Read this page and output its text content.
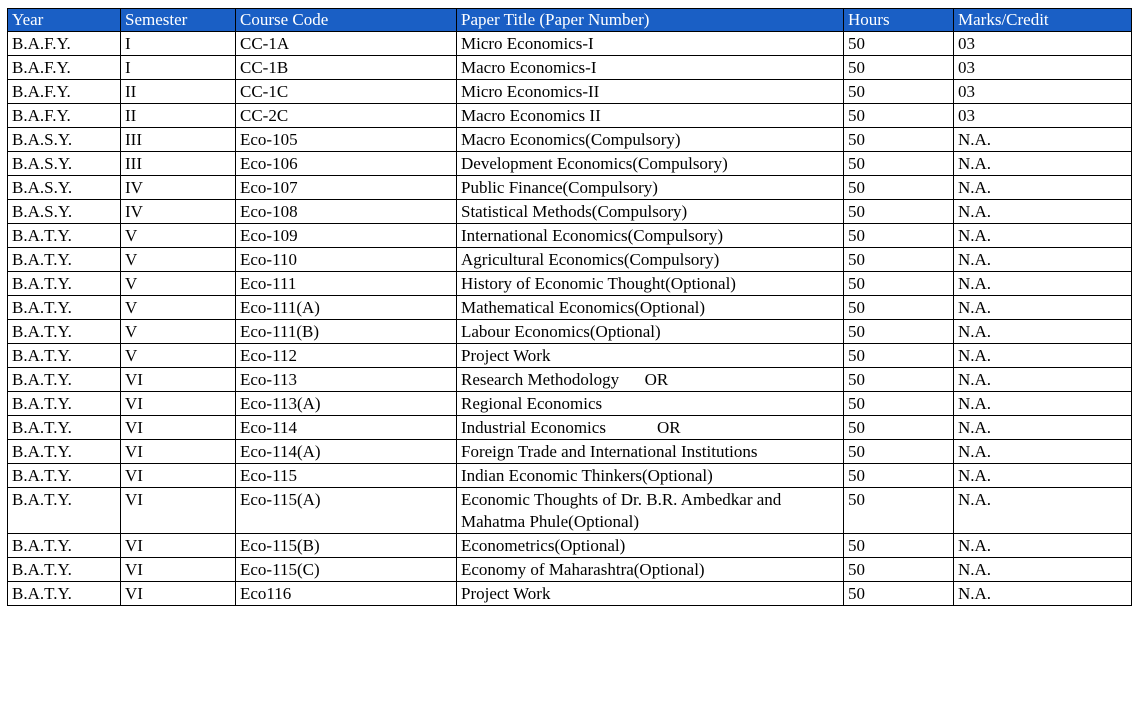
Year	Semester	Course Code	Paper Title (Paper Number)	Hours	Marks/Credit
B.A.F.Y.	I	CC-1A	Micro Economics-I	50	03
B.A.F.Y.	I	CC-1B	Macro Economics-I	50	03
B.A.F.Y.	II	CC-1C	Micro Economics-II	50	03
B.A.F.Y.	II	CC-2C	Macro Economics II	50	03
B.A.S.Y.	III	Eco-105	Macro Economics(Compulsory)	50	N.A.
B.A.S.Y.	III	Eco-106	Development Economics(Compulsory)	50	N.A.
B.A.S.Y.	IV	Eco-107	Public Finance(Compulsory)	50	N.A.
B.A.S.Y.	IV	Eco-108	Statistical Methods(Compulsory)	50	N.A.
B.A.T.Y.	V	Eco-109	International Economics(Compulsory)	50	N.A.
B.A.T.Y.	V	Eco-110	Agricultural Economics(Compulsory)	50	N.A.
B.A.T.Y.	V	Eco-111	History of Economic Thought(Optional)	50	N.A.
B.A.T.Y.	V	Eco-111(A)	Mathematical Economics(Optional)	50	N.A.
B.A.T.Y.	V	Eco-111(B)	Labour Economics(Optional)	50	N.A.
B.A.T.Y.	V	Eco-112	Project Work	50	N.A.
B.A.T.Y.	VI	Eco-113	Research Methodology      OR	50	N.A.
B.A.T.Y.	VI	Eco-113(A)	Regional Economics	50	N.A.
B.A.T.Y.	VI	Eco-114	Industrial Economics            OR	50	N.A.
B.A.T.Y.	VI	Eco-114(A)	Foreign Trade and International Institutions	50	N.A.
B.A.T.Y.	VI	Eco-115	Indian Economic Thinkers(Optional)	50	N.A.
B.A.T.Y.	VI	Eco-115(A)	Economic Thoughts of Dr. B.R. Ambedkar and Mahatma Phule(Optional)	50	N.A.
B.A.T.Y.	VI	Eco-115(B)	Econometrics(Optional)	50	N.A.
B.A.T.Y.	VI	Eco-115(C)	Economy of Maharashtra(Optional)	50	N.A.
B.A.T.Y.	VI	Eco116	Project Work	50	N.A.
